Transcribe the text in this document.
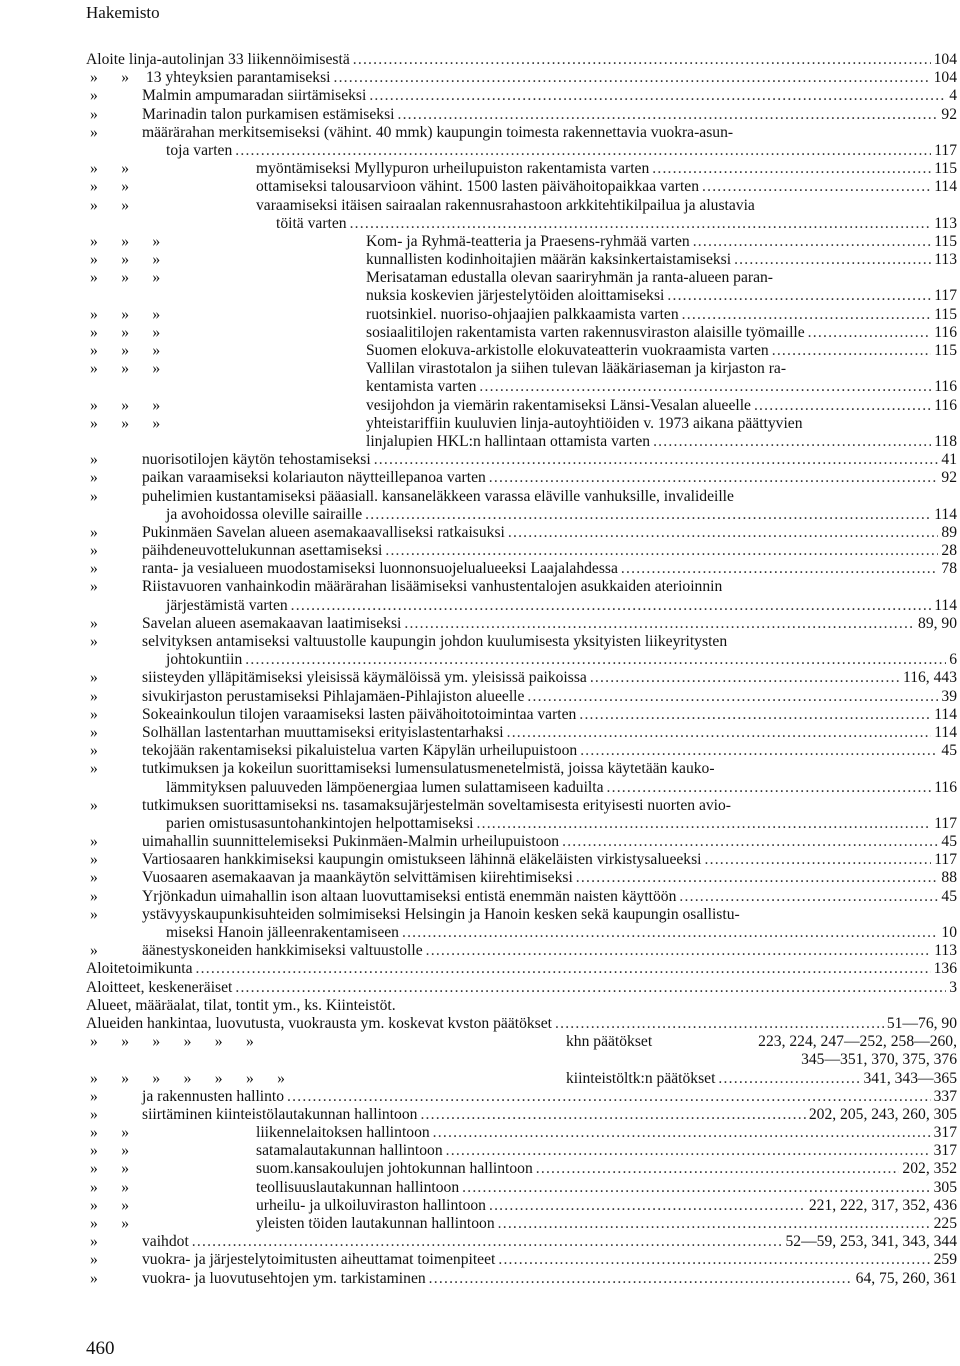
Hakemisto
Aloite linja-autolinjan 33 liikennöimisestä .....	104
»      » 13 yhteyksien parantamiseksi .....	104
»	Malmin ampumaradan siirtämiseksi .....	4
»	Marinadin talon purkamisen estämiseksi .....	92
»	määrärahan merkitsemiseksi (vähint. 40 mmk) kaupungin toimesta rakennettavia vuokra-asun-
toja varten .....	117
»      »	myöntämiseksi Myllypuron urheilupuiston rakentamista varten .....	115
»      »	ottamiseksi talousarvioon vähint. 1500 lasten päivähoitopaikkaa varten .....	114
»      »	varaamiseksi itäisen sairaalan rakennusrahastoon arkkitehtikilpailua ja alustavia
töitä varten .....	113
»      »      »	Kom- ja Ryhmä-teatteria ja Praesens-ryhmää varten .....	115
»      »      »	kunnallisten kodinhoitajien määrän kaksinkertaistamiseksi .....	113
»      »      »	Merisataman edustalla olevan saariryhmän ja ranta-alueen paran-
nuksia koskevien järjestelytöiden aloittamiseksi .....	117
»      »      »	ruotsinkiel. nuoriso-ohjaajien palkkaamista varten .....	115
»      »      »	sosiaalitilojen rakentamista varten rakennusviraston alaisille työmaille .....	116
»      »      »	Suomen elokuva-arkistolle elokuvateatterin vuokraamista varten .....	115
»      »      »	Vallilan virastotalon ja siihen tulevan lääkäriaseman ja kirjaston ra-
kentamista varten .....	116
»      »      »	vesijohdon ja viemärin rakentamiseksi Länsi-Vesalan alueelle .....	116
»      »      »	yhteistariffiin kuuluvien linja-autoyhtiöiden v. 1973 aikana päättyvien
linjalupien HKL:n hallintaan ottamista varten .....	118
»	nuorisotilojen käytön tehostamiseksi .....	41
»	paikan varaamiseksi kolariauton näytteillepanoa varten .....	92
»	puhelimien kustantamiseksi pääasiall. kansaneläkkeen varassa eläville vanhuksille, invalideille
ja avohoidossa oleville sairaille .....	114
»	Pukinmäen Savelan alueen asemakaavalliseksi ratkaisuksi .....	89
»	päihdeneuvottelukunnan asettamiseksi .....	28
»	ranta- ja vesialueen muodostamiseksi luonnonsuojelualueeksi Laajalahdessa .....	78
»	Riistavuoren vanhainkodin määrärahan lisäämiseksi vanhustentalojen asukkaiden aterioinnin
järjestämistä varten .....	114
»	Savelan alueen asemakaavan laatimiseksi .....	89, 90
»	selvityksen antamiseksi valtuustolle kaupungin johdon kuulumisesta yksityisten liikeyritysten
johtokuntiin .....	6
»	siisteyden ylläpitämiseksi yleisissä käymälöissä ym. yleisissä paikoissa .....	116, 443
»	sivukirjaston perustamiseksi Pihlajamäen-Pihlajiston alueelle .....	39
»	Sokeainkoulun tilojen varaamiseksi lasten päivähoitotoimintaa varten .....	114
»	Solhällan lastentarhan muuttamiseksi erityislastentarhaksi .....	114
»	tekojään rakentamiseksi pikaluistelua varten Käpylän urheilupuistoon .....	45
»	tutkimuksen ja kokeilun suorittamiseksi lumensulatusmenetelmistä, joissa käytetään kauko-
lämmityksen paluuveden lämpöenergiaa lumen sulattamiseen kaduilta .....	116
»	tutkimuksen suorittamiseksi ns. tasamaksujärjestelmän soveltamisesta erityisesti nuorten avio-
parien omistusasuntohankintojen helpottamiseksi .....	117
»	uimahallin suunnittelemiseksi Pukinmäen-Malmin urheilupuistoon .....	45
»	Vartiosaaren hankkimiseksi kaupungin omistukseen lähinnä eläkeläisten virkistysalueeksi .....	117
»	Vuosaaren asemakaavan ja maankäytön selvittämisen kiirehtimiseksi .....	88
»	Yrjönkadun uimahallin ison altaan luovuttamiseksi entistä enemmän naisten käyttöön .....	45
»	ystävyyskaupunkisuhteiden solmimiseksi Helsingin ja Hanoin kesken sekä kaupungin osallistu-
miseksi Hanoin jälleenrakentamiseen .....	10
»	äänestyskoneiden hankkimiseksi valtuustolle .....	113
Aloitetoimikunta .....	136
Aloitteet, keskeneräiset .....	3
Alueet, määräalat, tilat, tontit ym., ks. Kiinteistöt.
Alueiden hankintaa, luovutusta, vuokrausta ym. koskevat kvston päätökset .....	51—76, 90
»      »      »      »      »      »	khn päätökset	223, 224, 247—252, 258—260,
345—351, 370, 375, 376
»      »      »      »      »      »      »	kiinteistöltk:n päätökset .....	341, 343—365
»	ja rakennusten hallinto .....	337
»	siirtäminen kiinteistölautakunnan hallintoon .....	202, 205, 243, 260, 305
»      »	liikennelaitoksen hallintoon .....	317
»      »	satamalautakunnan hallintoon .....	317
»      »	suom.kansakoulujen johtokunnan hallintoon .....	202, 352
»      »	teollisuuslautakunnan hallintoon .....	305
»      »	urheilu- ja ulkoiluviraston hallintoon .....	221, 222, 317, 352, 436
»      »	yleisten töiden lautakunnan hallintoon .....	225
»	vaihdot .....	52—59, 253, 341, 343, 344
»	vuokra- ja järjestelytoimitusten aiheuttamat toimenpiteet .....	259
»	vuokra- ja luovutusehtojen ym. tarkistaminen .....	64, 75, 260, 361
460
